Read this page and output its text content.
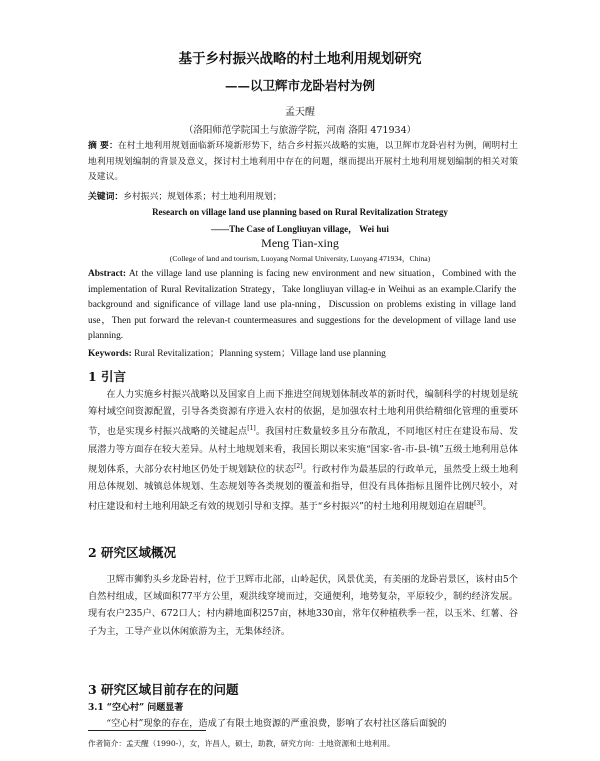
基于乡村振兴战略的村土地利用规划研究

——以卫辉市龙卧岩村为例

孟天醒

（洛阳师范学院国土与旅游学院，河南 洛阳 471934）

摘 要：在村土地利用规划面临新环境新形势下，结合乡村振兴战略的实施，以卫辉市龙卧岩村为例，阐明村土地利用规划编制的背景及意义，探讨村土地利用中存在的问题，继而提出开展村土地利用规划编制的相关对策及建议。

关键词：乡村振兴；规划体系；村土地利用规划；

Research on village land use planning based on Rural Revitalization Strategy

——The Case of Longliuyan village， Wei hui

Meng Tian-xing

(College of land and tourism, Luoyang Normal University, Luoyang 471934，China)

Abstract: At the village land use planning is facing new environment and new situation，Combined with the implementation of Rural Revitalization Strategy，Take longliuyan villag-e in Weihui as an example.Clarify the background and significance of village land use pla-nning，Discussion on problems existing in village land use，Then put forward the relevan-t countermeasures and suggestions for the development of village land use planning.

Keywords: Rural Revitalization；Planning system；Village land use planning

1 引言

在人力实施乡村振兴战略以及国家自上而下推进空间规划体制改革的新时代，编制科学的村规划是统筹村域空间资源配置，引导各类资源有序进入农村的依据，是加强农村土地利用供给精细化管理的重要环节，也是实现乡村振兴战略的关键起点[1]。我国村庄数量较多且分布散乱，不同地区村庄在建设布局、发展潜力等方面存在较大差异。从村土地规划来看，我国长期以来实施“国家-省-市-县-镇”五级土地利用总体规划体系，大部分农村地区仍处于规划缺位的状态[2]。行政村作为最基层的行政单元，虽然受上级土地利用总体规划、城镇总体规划、生态规划等各类规划的覆盖和指导，但没有具体指标且图件比例尺较小，对村庄建设和村土地利用缺乏有效的规划引导和支撑。基于“乡村振兴”的村土地利用规划迫在眉睫[3]。

2 研究区域概况

卫辉市狮豹头乡龙卧岩村，位于卫辉市北部，山岭起伏，风景优美，有美丽的龙卧岩景区，该村由5个自然村组成，区域面积77平方公里，观洪线穿境而过，交通便利，地势复杂，平原较少，制约经济发展。现有农户235户、672口人；村内耕地面积257亩，林地330亩，常年仅种植秩季一茬，以玉米、红薯、谷子为主，工导产业以休闲旅游为主，无集体经济。

3 研究区域目前存在的问题
3.1 “空心村” 问题显著

“空心村”现象的存在，造成了有限土地资源的严重浪费，影响了农村社区落后面貌的

作者简介：孟天醒（1990-），女，许昌人，硕士，助教，研究方向：土地资源和土地利用。
